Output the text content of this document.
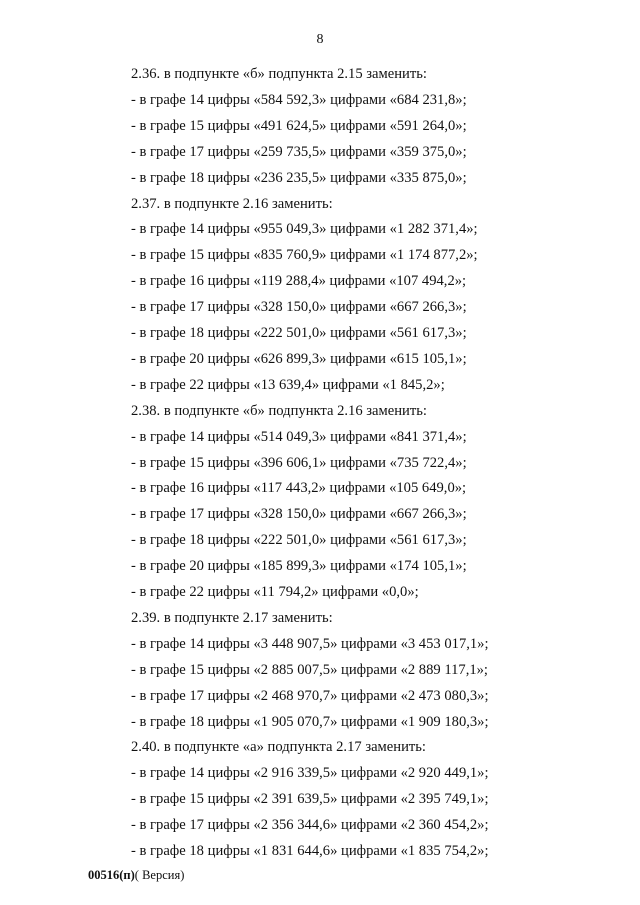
8
2.36. в подпункте «б» подпункта 2.15 заменить:
- в графе 14 цифры «584 592,3» цифрами «684 231,8»;
- в графе 15 цифры «491 624,5» цифрами «591 264,0»;
- в графе 17 цифры «259 735,5» цифрами «359 375,0»;
- в графе 18 цифры «236 235,5» цифрами «335 875,0»;
2.37. в подпункте 2.16 заменить:
- в графе 14 цифры «955 049,3» цифрами «1 282 371,4»;
- в графе 15 цифры «835 760,9» цифрами «1 174 877,2»;
- в графе 16 цифры «119 288,4» цифрами «107 494,2»;
- в графе 17 цифры «328 150,0» цифрами «667 266,3»;
- в графе 18 цифры «222 501,0» цифрами «561 617,3»;
- в графе 20 цифры «626 899,3» цифрами «615 105,1»;
- в графе 22 цифры «13 639,4» цифрами «1 845,2»;
2.38. в подпункте «б» подпункта 2.16 заменить:
- в графе 14 цифры «514 049,3» цифрами «841 371,4»;
- в графе 15 цифры «396 606,1» цифрами «735 722,4»;
- в графе 16 цифры «117 443,2» цифрами «105 649,0»;
- в графе 17 цифры «328 150,0» цифрами «667 266,3»;
- в графе 18 цифры «222 501,0» цифрами «561 617,3»;
- в графе 20 цифры «185 899,3» цифрами «174 105,1»;
- в графе 22 цифры «11 794,2» цифрами «0,0»;
2.39. в подпункте 2.17 заменить:
- в графе 14 цифры «3 448 907,5» цифрами «3 453 017,1»;
- в графе 15 цифры «2 885 007,5» цифрами «2 889 117,1»;
- в графе 17 цифры «2 468 970,7» цифрами «2 473 080,3»;
- в графе 18 цифры «1 905 070,7» цифрами «1 909 180,3»;
2.40. в подпункте «а» подпункта 2.17 заменить:
- в графе 14 цифры «2 916 339,5» цифрами «2 920 449,1»;
- в графе 15 цифры «2 391 639,5» цифрами «2 395 749,1»;
- в графе 17 цифры «2 356 344,6» цифрами «2 360 454,2»;
- в графе 18 цифры «1 831 644,6» цифрами «1 835 754,2»;
00516(п)( Версия)
